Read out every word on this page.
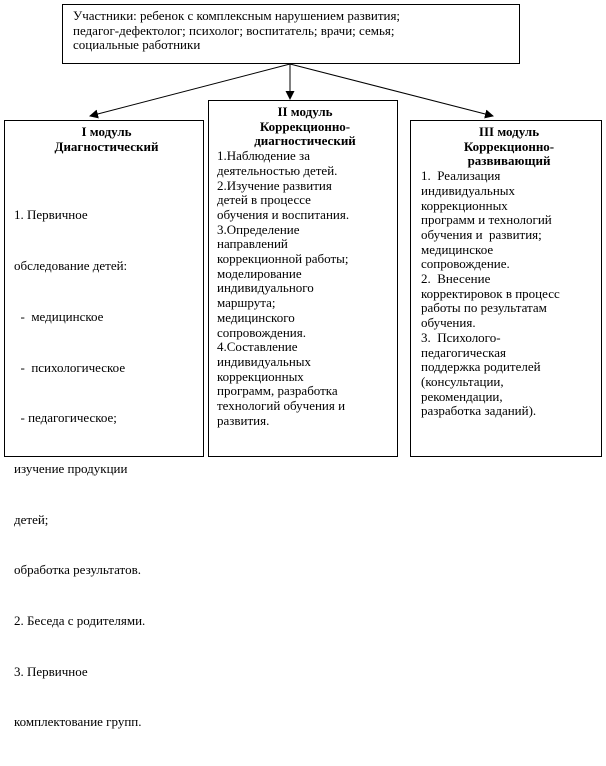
Участники: ребенок с комплексным нарушением развития;
педагог-дефектолог; психолог; воспитатель; врачи; семья;
социальные работники
I модуль
Диагностический

1. Первичное

обследование детей:

-  медицинское

-  психологическое

- педагогическое;

изучение продукции

детей;

обработка результатов.

2. Беседа с родителями.

3. Первичное

комплектование групп.

II модуль
Коррекционно-
диагностический
1.Наблюдение за
деятельностью детей.
2.Изучение развития
детей в процессе
обучения и воспитания.
3.Определение
направлений
коррекционной работы;
моделирование
индивидуального
маршрута;
медицинского
сопровождения.
4.Составление
индивидуальных
коррекционных
программ, разработка
технологий обучения и
развития.
III модуль
Коррекционно-
развивающий
1.  Реализация
индивидуальных
коррекционных
программ и технологий
обучения и  развития;
медицинское
сопровождение.
2.  Внесение
корректировок в процесс
работы по результатам
обучения.
3.  Психолого-
педагогическая
поддержка родителей
(консультации,
рекомендации,
разработка заданий).
